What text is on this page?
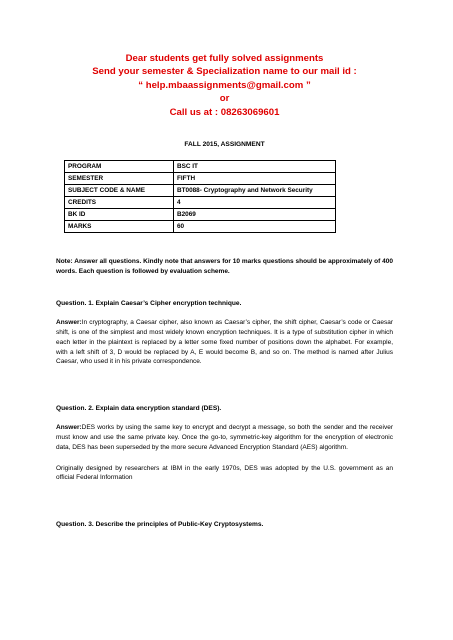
Dear students get fully solved assignments
Send your semester & Specialization name to our mail id :
“ help.mbaassignments@gmail.com ”
or
Call us at : 08263069601
FALL 2015, ASSIGNMENT
PROGRAM	BSC IT
SEMESTER	FIFTH
SUBJECT CODE & NAME	BT0088- Cryptography and Network Security
CREDITS	4
BK ID	B2069
MARKS	60
Note: Answer all questions. Kindly note that answers for 10 marks questions should be approximately of 400 words. Each question is followed by evaluation scheme.
Question. 1. Explain Caesar’s Cipher encryption technique.
Answer:In cryptography, a Caesar cipher, also known as Caesar’s cipher, the shift cipher, Caesar’s code or Caesar shift, is one of the simplest and most widely known encryption techniques. It is a type of substitution cipher in which each letter in the plaintext is replaced by a letter some fixed number of positions down the alphabet. For example, with a left shift of 3, D would be replaced by A, E would become B, and so on. The method is named after Julius Caesar, who used it in his private correspondence.
Question. 2. Explain data encryption standard (DES).
Answer:DES works by using the same key to encrypt and decrypt a message, so both the sender and the receiver must know and use the same private key. Once the go-to, symmetric-key algorithm for the encryption of electronic data, DES has been superseded by the more secure Advanced Encryption Standard (AES) algorithm.
Originally designed by researchers at IBM in the early 1970s, DES was adopted by the U.S. government as an official Federal Information
Question. 3. Describe the principles of Public-Key Cryptosystems.
